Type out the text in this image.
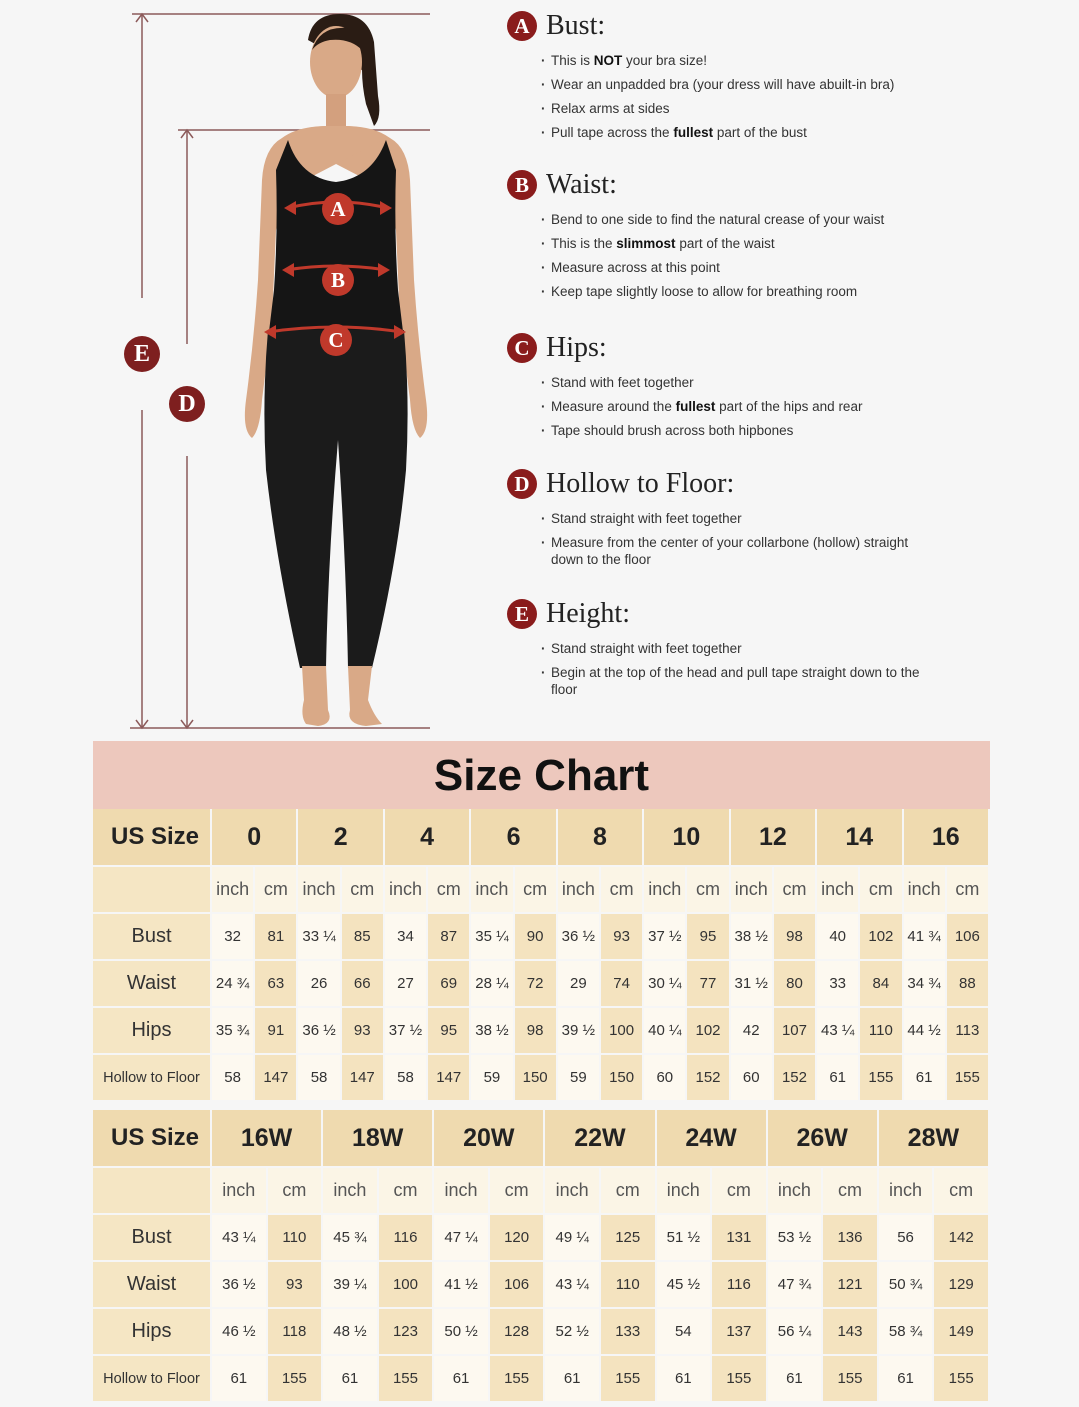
A
B
C
E
D
A Bust:
· This is NOT your bra size!
· Wear an unpadded bra (your dress will have abuilt-in bra)
· Relax arms at sides
· Pull tape across the fullest part of the bust
B Waist:
· Bend to one side to find the natural crease of your waist
· This is the slimmost part of the waist
· Measure across at this point
· Keep tape slightly loose to allow for breathing room
C Hips:
· Stand with feet together
· Measure around the fullest part of the hips and rear
· Tape should brush across both hipbones
D Hollow to Floor:
· Stand straight with feet together
· Measure from the center of your collarbone (hollow) straight down to the floor
E Height:
· Stand straight with feet together
· Begin at the top of the head and pull tape straight down to the floor
Size Chart
US Size	0		2		4		6		8		10		12		14		16	
	inch	cm	inch	cm	inch	cm	inch	cm	inch	cm	inch	cm	inch	cm	inch	cm	inch	cm
Bust	32	81	33 ¼	85	34	87	35 ¼	90	36 ½	93	37 ½	95	38 ½	98	40	102	41 ¾	106
Waist	24 ¾	63	26	66	27	69	28 ¼	72	29	74	30 ¼	77	31 ½	80	33	84	34 ¾	88
Hips	35 ¾	91	36 ½	93	37 ½	95	38 ½	98	39 ½	100	40 ¼	102	42	107	43 ¼	110	44 ½	113
Hollow to Floor	58	147	58	147	58	147	59	150	59	150	60	152	60	152	61	155	61	155
US Size	16W		18W		20W		22W		24W		26W		28W	
	inch	cm	inch	cm	inch	cm	inch	cm	inch	cm	inch	cm	inch	cm
Bust	43 ¼	110	45 ¾	116	47 ¼	120	49 ¼	125	51 ½	131	53 ½	136	56	142
Waist	36 ½	93	39 ¼	100	41 ½	106	43 ¼	110	45 ½	116	47 ¾	121	50 ¾	129
Hips	46 ½	118	48 ½	123	50 ½	128	52 ½	133	54	137	56 ¼	143	58 ¾	149
Hollow to Floor	61	155	61	155	61	155	61	155	61	155	61	155	61	155
